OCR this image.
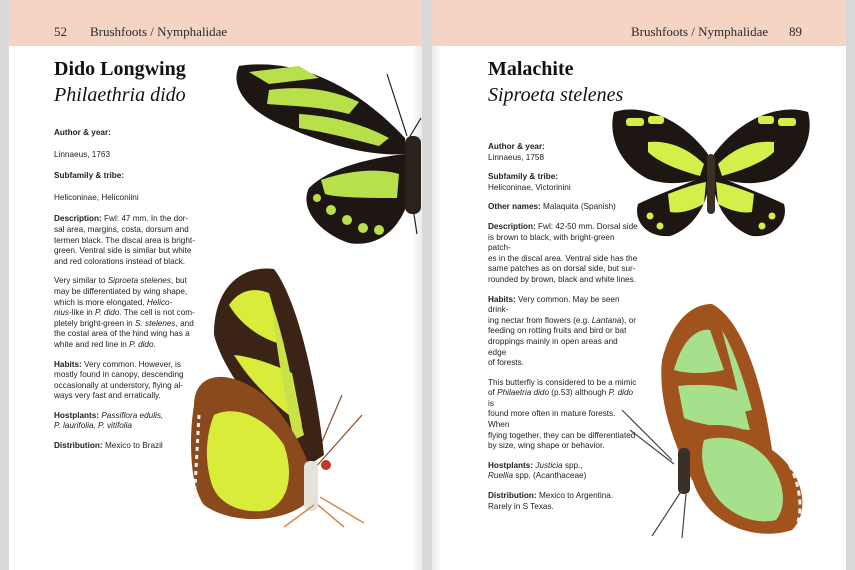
52 Brushfoots / Nymphalidae
Dido Longwing
Philaethria dido

Author & year:

Linnaeus, 1763

Subfamily & tribe:

Heliconinae, Heliconiini

Description: Fwl: 47 mm. In the dor-
sal area, margins, costa, dorsum and
termen black. The discal area is bright-
green. Ventral side is similar but white
and red colorations instead of black.

Very similar to Siproeta stelenes, but
may be differentiated by wing shape,
which is more elongated, Helico-
nius-like in P. dido. The cell is not com-
pletely bright-green in S. stelenes, and
the costal area of the hind wing has a
white and red line in P. dido.

Habits: Very common. However, is
mostly found in canopy, descending
occasionally at understory, flying al-
ways very fast and erratically.

Hostplants: Passiflora edulis,
P. laurifolia, P. vitifolia

Distribution: Mexico to Brazil

Brushfoots / Nymphalidae 89
Malachite
Siproeta stelenes

Author & year:
Linnaeus, 1758

Subfamily & tribe:
Heliconinae, Victorinini

Other names: Malaquita (Spanish)

Description: Fwl: 42-50 mm. Dorsal side
is brown to black, with bright-green patch-
es in the discal area. Ventral side has the
same patches as on dorsal side, but sur-
rounded by brown, black and white lines.

Habits: Very common. May be seen drink-
ing nectar from flowers (e.g. Lantana), or
feeding on rotting fruits and bird or bat
droppings mainly in open areas and edge
of forests.

This butterfly is considered to be a mimic
of Philaetria dido (p.53) although P. dido is
found more often in mature forests. When
flying together, they can be differentiated
by size, wing shape or behavior.

Hostplants: Justicia spp.,
Ruellia spp. (Acanthaceae)

Distribution: Mexico to Argentina.
Rarely in S Texas.
